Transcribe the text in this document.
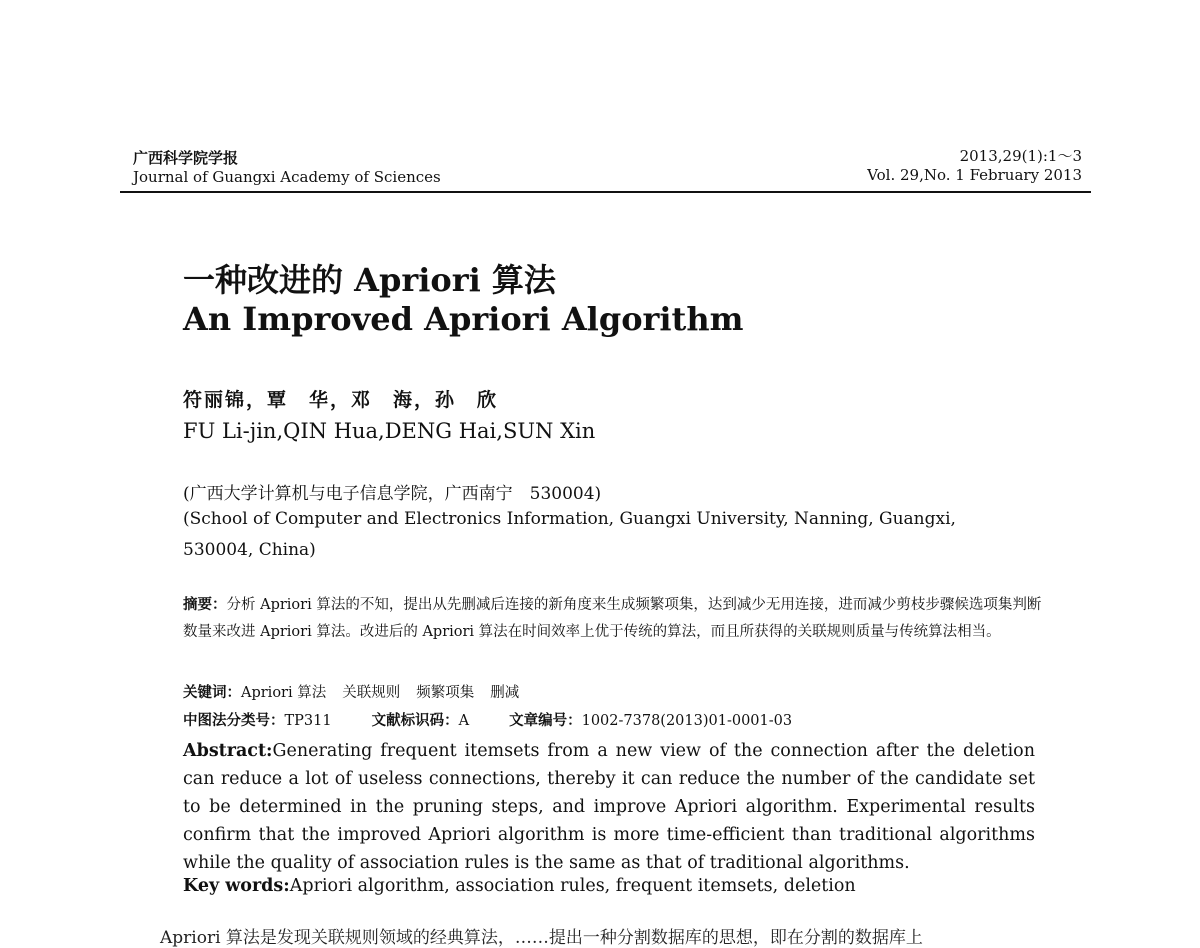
广西科学院学报
Journal of Guangxi Academy of Sciences
2013,29(1):1～3
Vol. 29,No. 1 February 2013
一种改进的 Apriori 算法
An Improved Apriori Algorithm
符丽锦，覃　华，邓　海，孙　欣
FU Li-jin,QIN Hua,DENG Hai,SUN Xin
(广西大学计算机与电子信息学院，广西南宁　530004)
(School of Computer and Electronics Information, Guangxi University, Nanning, Guangxi,
530004, China)
摘要：分析 Apriori 算法的不知，提出从先删减后连接的新角度来生成频繁项集，达到减少无用连接，进而减少剪枝步骤候选项集判断数量来改进 Apriori 算法。改进后的 Apriori 算法在时间效率上优于传统的算法，而且所获得的关联规则质量与传统算法相当。
关键词：Apriori 算法 关联规则 频繁项集 删减
中图法分类号：TP311	文献标识码：A	文章编号：1002-7378(2013)01-0001-03
Abstract:Generating frequent itemsets from a new view of the connection after the deletion can reduce a lot of useless connections, thereby it can reduce the number of the candidate set to be determined in the pruning steps, and improve Apriori algorithm. Experimental results confirm that the improved Apriori algorithm is more time-efficient than traditional algorithms while the quality of association rules is the same as that of traditional algorithms.
Key words:Apriori algorithm, association rules, frequent itemsets, deletion
Apriori 算法是发现关联规则领域的经典算法，……提出一种分割数据库的思想，即在分割的数据库上
